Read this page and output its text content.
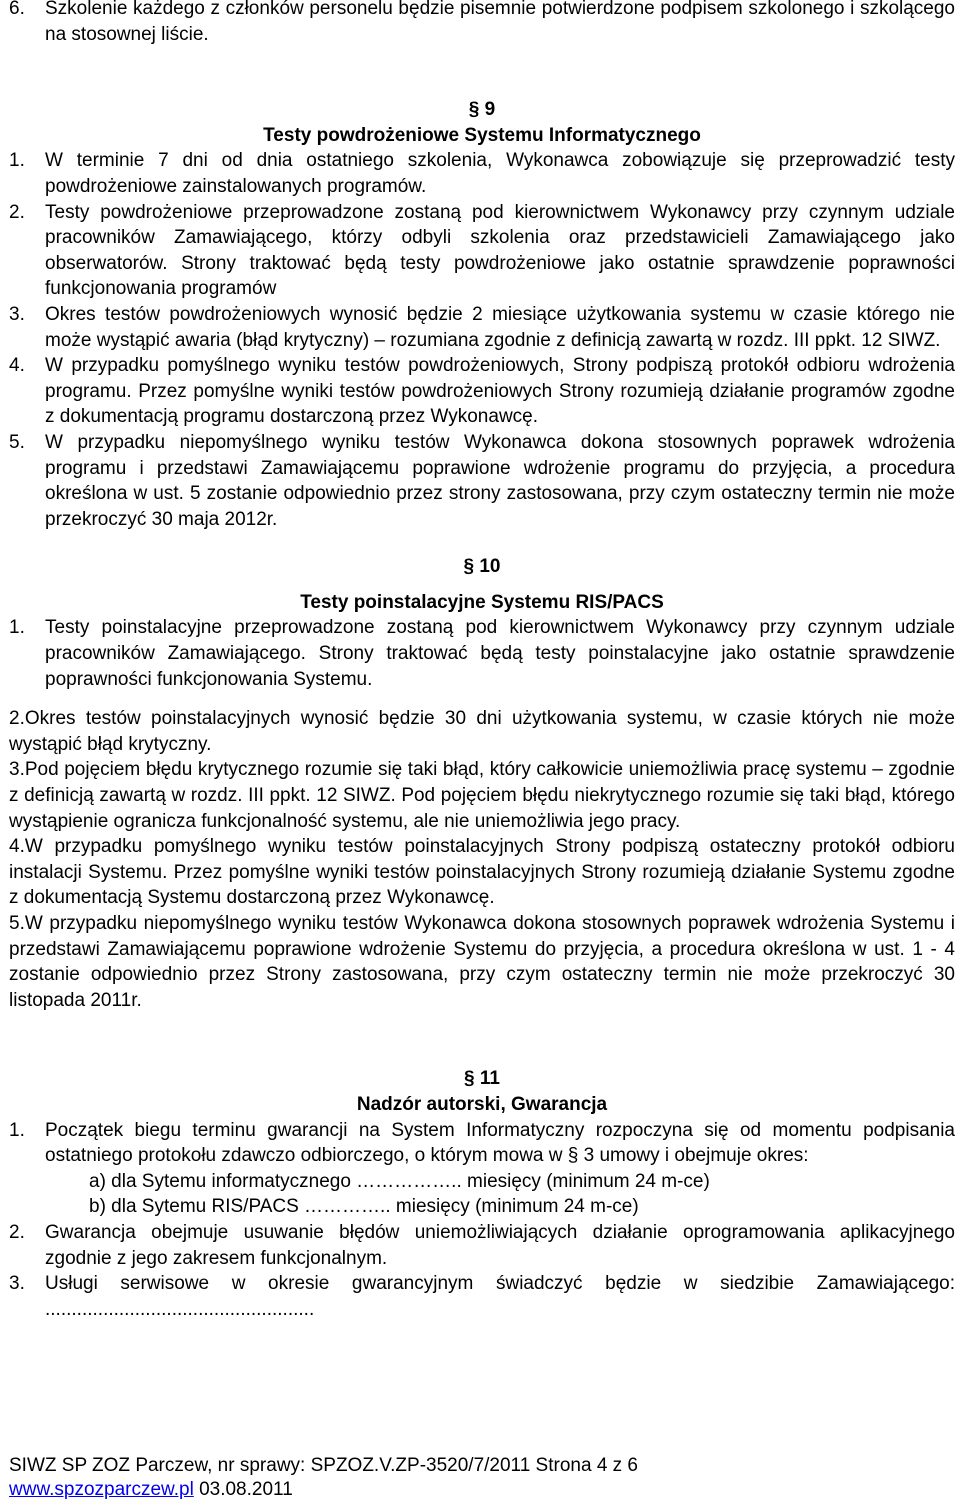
6.	Szkolenie każdego z członków personelu będzie pisemnie potwierdzone podpisem szkolonego i szkolącego na stosownej liście.
§ 9
Testy powdrożeniowe Systemu Informatycznego
1.	W terminie 7 dni od dnia ostatniego szkolenia, Wykonawca zobowiązuje się przeprowadzić testy powdrożeniowe zainstalowanych programów.
2.	Testy powdrożeniowe przeprowadzone zostaną pod kierownictwem Wykonawcy przy czynnym udziale pracowników Zamawiającego, którzy odbyli szkolenia oraz przedstawicieli Zamawiającego jako obserwatorów. Strony traktować będą testy powdrożeniowe jako ostatnie sprawdzenie poprawności funkcjonowania programów
3.	Okres testów powdrożeniowych wynosić będzie 2 miesiące użytkowania systemu w czasie którego nie może wystąpić awaria (błąd krytyczny) – rozumiana zgodnie z definicją zawartą w rozdz. III ppkt. 12 SIWZ.
4.	W przypadku pomyślnego wyniku testów powdrożeniowych, Strony podpiszą protokół odbioru wdrożenia programu. Przez pomyślne wyniki testów powdrożeniowych Strony rozumieją działanie programów zgodne z dokumentacją programu dostarczoną przez Wykonawcę.
5.	W przypadku niepomyślnego wyniku testów Wykonawca dokona stosownych poprawek wdrożenia programu i przedstawi Zamawiającemu poprawione wdrożenie programu do przyjęcia, a procedura określona w ust. 5 zostanie odpowiednio przez strony zastosowana, przy czym ostateczny termin nie może przekroczyć 30 maja 2012r.
§ 10
Testy poinstalacyjne Systemu RIS/PACS
1.	Testy poinstalacyjne przeprowadzone zostaną pod kierownictwem Wykonawcy przy czynnym udziale pracowników Zamawiającego. Strony traktować będą testy poinstalacyjne jako ostatnie sprawdzenie poprawności funkcjonowania Systemu.
2.Okres testów poinstalacyjnych wynosić będzie 30 dni użytkowania systemu, w czasie których nie może wystąpić błąd krytyczny.
3.Pod pojęciem błędu krytycznego rozumie się taki błąd, który całkowicie uniemożliwia pracę systemu – zgodnie z definicją zawartą w rozdz. III ppkt. 12 SIWZ. Pod pojęciem błędu niekrytycznego rozumie się taki błąd, którego wystąpienie ogranicza funkcjonalność systemu, ale nie uniemożliwia jego pracy.
4.W przypadku pomyślnego wyniku testów poinstalacyjnych Strony podpiszą ostateczny protokół odbioru instalacji Systemu. Przez pomyślne wyniki testów poinstalacyjnych Strony rozumieją działanie Systemu zgodne z dokumentacją Systemu dostarczoną przez Wykonawcę.
5.W przypadku niepomyślnego wyniku testów Wykonawca dokona stosownych poprawek wdrożenia Systemu i przedstawi Zamawiającemu poprawione wdrożenie Systemu do przyjęcia, a procedura określona w ust. 1 - 4 zostanie odpowiednio przez Strony zastosowana, przy czym ostateczny termin nie może przekroczyć 30 listopada 2011r.
§ 11
Nadzór autorski, Gwarancja
1.	Początek biegu terminu gwarancji na System Informatyczny rozpoczyna się od momentu podpisania ostatniego protokołu zdawczo odbiorczego, o którym mowa w § 3 umowy i obejmuje okres:
a) dla Sytemu informatycznego …………….. miesięcy (minimum 24 m-ce)
b) dla Sytemu RIS/PACS ………….. miesięcy (minimum 24 m-ce)
2.	Gwarancja obejmuje usuwanie błędów uniemożliwiających działanie oprogramowania aplikacyjnego zgodnie z jego zakresem funkcjonalnym.
3.	Usługi serwisowe w okresie gwarancyjnym świadczyć będzie w siedzibie Zamawiającego: ...................................................
SIWZ SP ZOZ Parczew, nr sprawy: SPZOZ.V.ZP-3520/7/2011 Strona 4 z 6
www.spzozparczew.pl 03.08.2011
